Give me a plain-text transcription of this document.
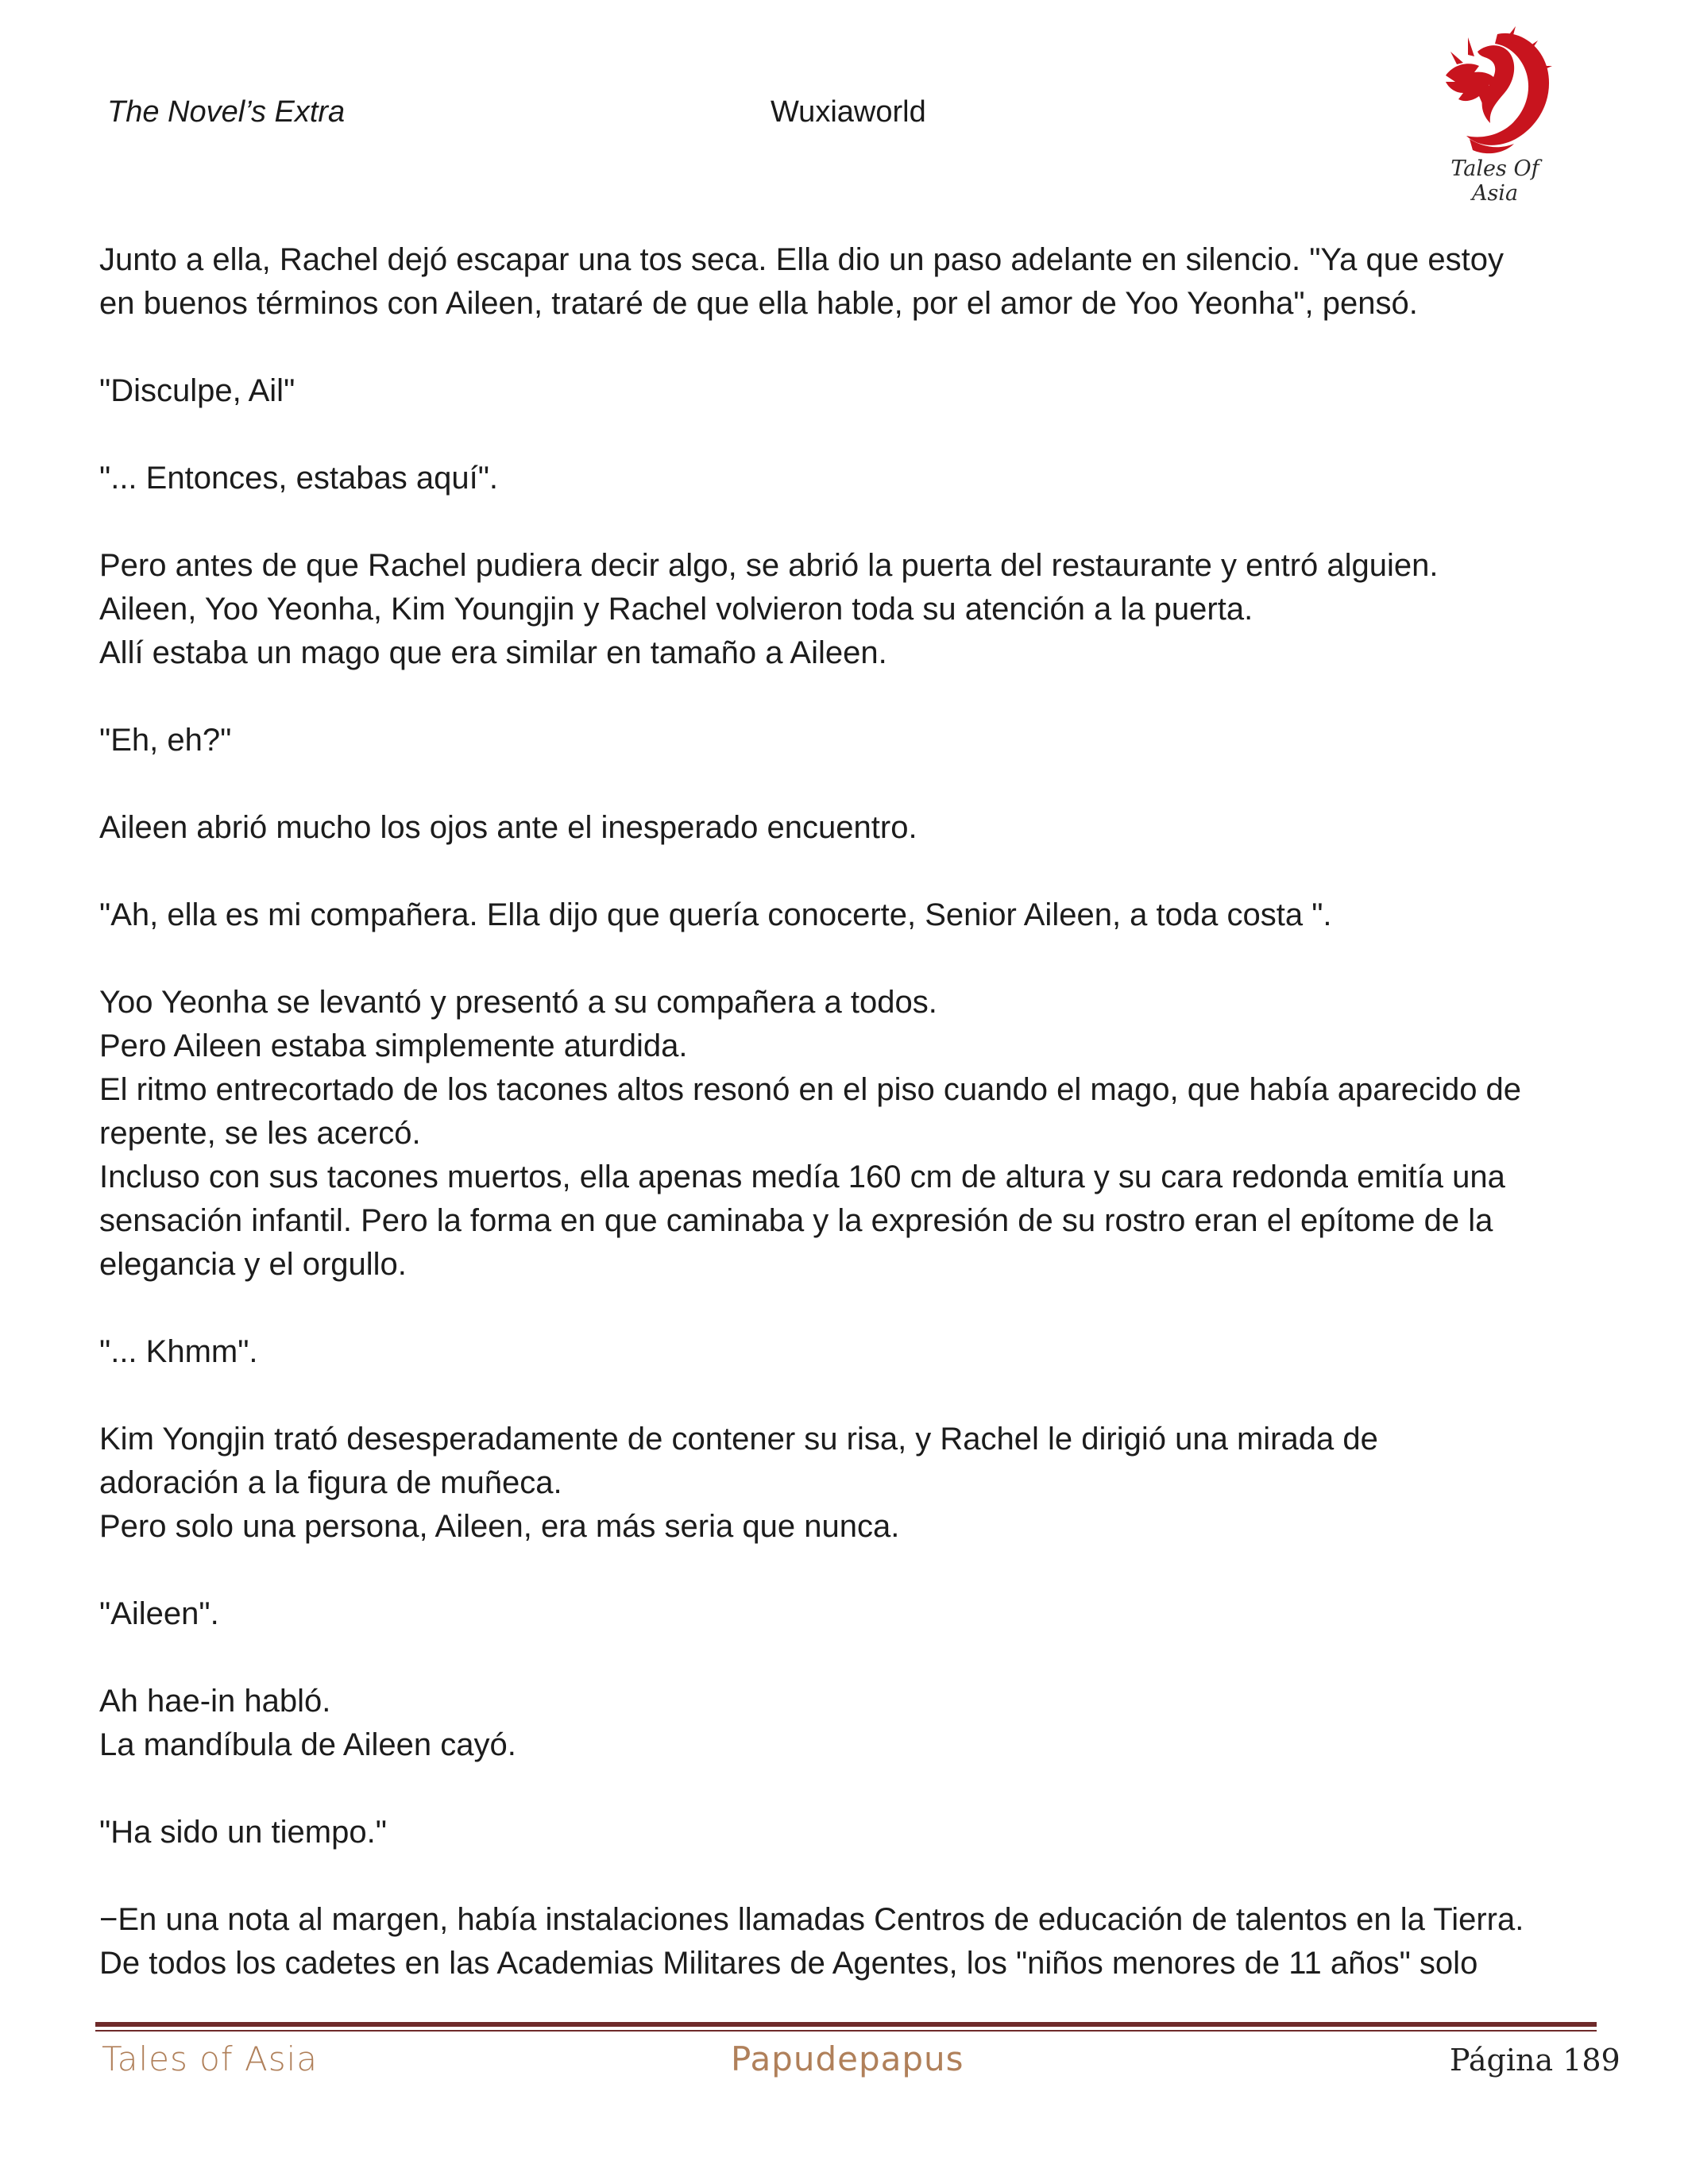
The Novel’s Extra	Wuxiaworld
Tales Of Asia

Junto a ella, Rachel dejó escapar una tos seca. Ella dio un paso adelante en silencio. "Ya que estoy
en buenos términos con Aileen, trataré de que ella hable, por el amor de Yoo Yeonha", pensó.

"Disculpe, Ail"

"... Entonces, estabas aquí".

Pero antes de que Rachel pudiera decir algo, se abrió la puerta del restaurante y entró alguien.
Aileen, Yoo Yeonha, Kim Youngjin y Rachel volvieron toda su atención a la puerta.
Allí estaba un mago que era similar en tamaño a Aileen.

"Eh, eh?"

Aileen abrió mucho los ojos ante el inesperado encuentro.

"Ah, ella es mi compañera. Ella dijo que quería conocerte, Senior Aileen, a toda costa ".

Yoo Yeonha se levantó y presentó a su compañera a todos.
Pero Aileen estaba simplemente aturdida.
El ritmo entrecortado de los tacones altos resonó en el piso cuando el mago, que había aparecido de
repente, se les acercó.
Incluso con sus tacones muertos, ella apenas medía 160 cm de altura y su cara redonda emitía una
sensación infantil. Pero la forma en que caminaba y la expresión de su rostro eran el epítome de la
elegancia y el orgullo.

"... Khmm".

Kim Yongjin trató desesperadamente de contener su risa, y Rachel le dirigió una mirada de
adoración a la figura de muñeca.
Pero solo una persona, Aileen, era más seria que nunca.

"Aileen".

Ah hae-in habló.
La mandíbula de Aileen cayó.

"Ha sido un tiempo."

−En una nota al margen, había instalaciones llamadas Centros de educación de talentos en la Tierra.
De todos los cadetes en las Academias Militares de Agentes, los "niños menores de 11 años" solo

Tales of Asia	Papudepapus	Página 189
